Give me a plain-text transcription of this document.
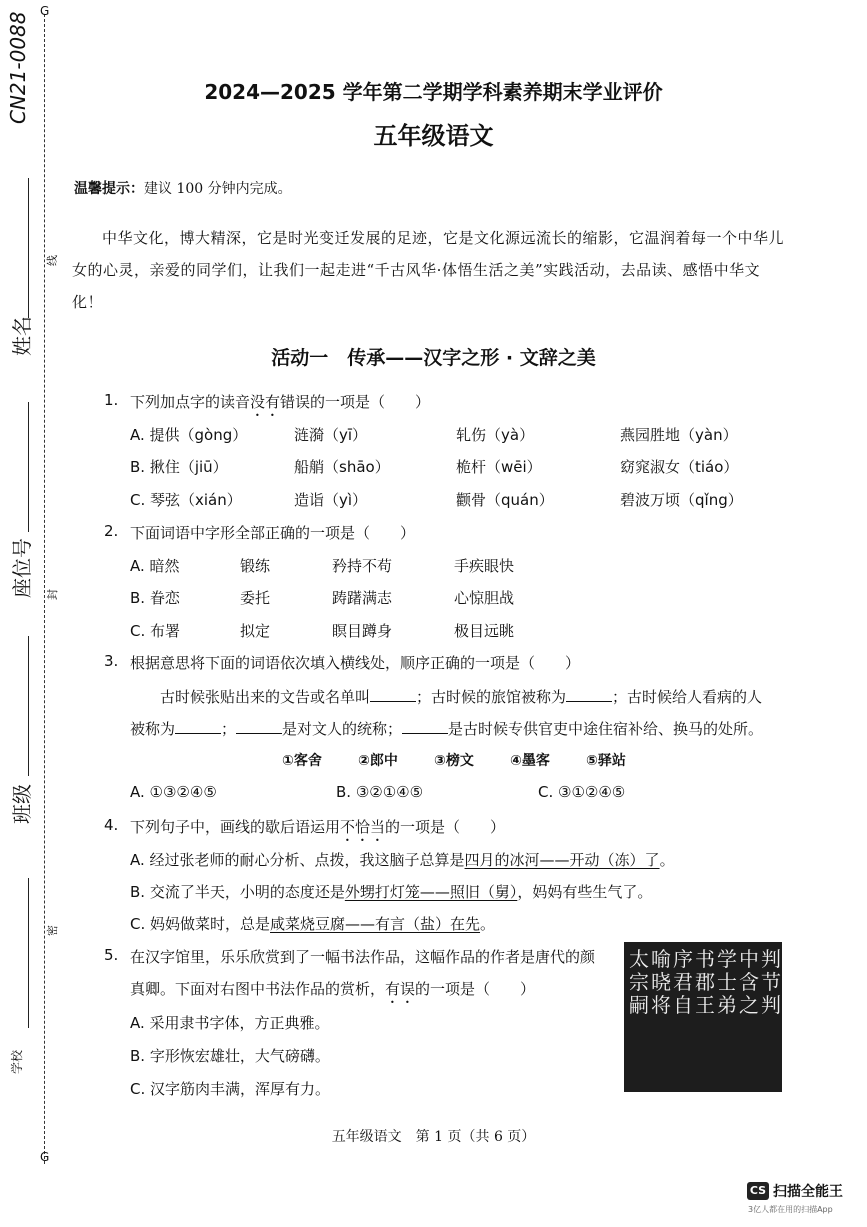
G
G
CN21-0088
线
封
密
姓名
座位号
班级
学校
2024—2025 学年第二学期学科素养期末学业评价
五年级语文
温馨提示：建议 100 分钟内完成。
中华文化，博大精深，它是时光变迁发展的足迹，它是文化源远流长的缩影，它温润着每一个中华儿女的心灵，亲爱的同学们，让我们一起走进“千古风华·体悟生活之美”实践活动，去品读、感悟中华文化！
活动一　传承——汉字之形 · 文辞之美
1. 下列加点字的读音没有错误的一项是（　　）
A. 提供（gòng）	涟漪（yī）	轧伤（yà）	燕园胜地（yàn）
B. 揪住（jiū）	船艄（shāo）	桅杆（wēi）	窈窕淑女（tiáo）
C. 琴弦（xián）	造诣（yì）	颧骨（quán）	碧波万顷（qǐng）
2. 下面词语中字形全部正确的一项是（　　）
A. 暗然	锻练	矜持不苟	手疾眼快
B. 眷恋	委托	踌躇满志	心惊胆战
C. 布署	拟定	瞑目蹲身	极目远眺
3. 根据意思将下面的词语依次填入横线处，顺序正确的一项是（　　）
古时候张贴出来的文告或名单叫	；古时候的旅馆被称为	；古时候给人看病的人
被称为	；	是对文人的统称；	是古时候专供官吏中途住宿补给、换马的处所。
①客舍	②郎中	③榜文	④墨客	⑤驿站
A. ①③②④⑤	B. ③②①④⑤	C. ③①②④⑤
4. 下列句子中，画线的歇后语运用不恰当的一项是（　　）
A. 经过张老师的耐心分析、点拨，我这脑子总算是四月的冰河——开动（冻）了。
B. 交流了半天，小明的态度还是外甥打灯笼——照旧（舅），妈妈有些生气了。
C. 妈妈做菜时，总是咸菜烧豆腐——有言（盐）在先。
5. 在汉字馆里，乐乐欣赏到了一幅书法作品，这幅作品的作者是唐代的颜
真卿。下面对右图中书法作品的赏析，有误的一项是（　　）
A. 采用隶书字体，方正典雅。
B. 字形恢宏雄壮，大气磅礴。
C. 汉字筋肉丰满，浑厚有力。
太
宗
嗣
喻
晓
将
序
君
自
书
郡
王
学
士
弟
中
含
之
判
节
判
五年级语文　第 1 页（共 6 页）
CS 扫描全能王
3亿人都在用的扫描App
